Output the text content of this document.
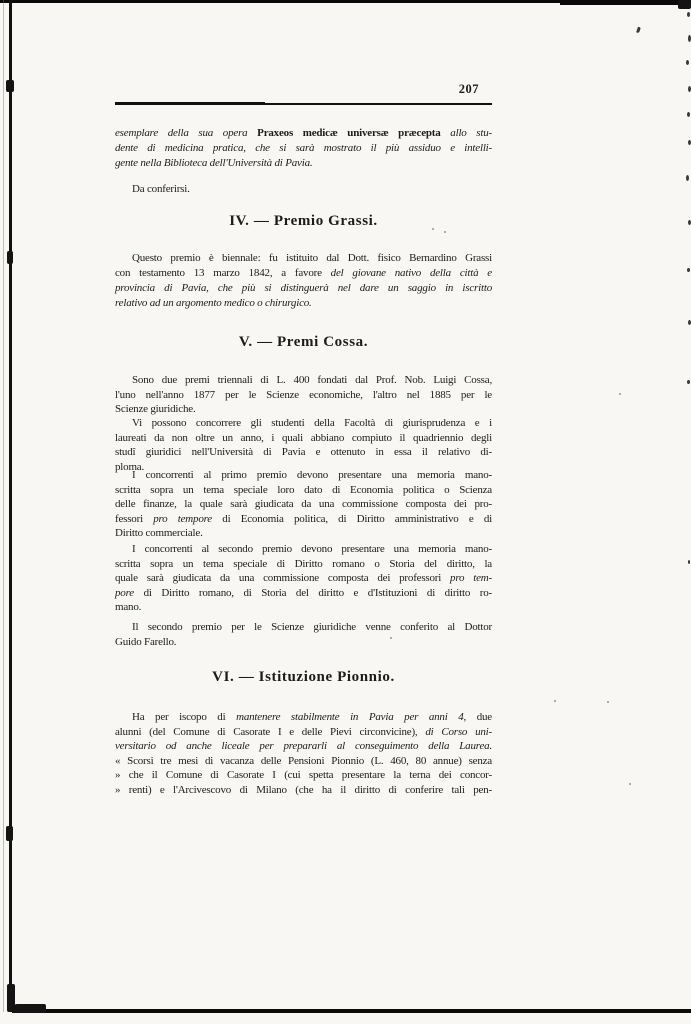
207
esemplare della sua opera Praxeos medicæ universæ præcepta allo stu-
dente di medicina pratica, che si sarà mostrato il più assiduo e intelli-
gente nella Biblioteca dell'Università di Pavia.
Da conferirsi.
IV. — Premio Grassi.
Questo premio è biennale: fu istituito dal Dott. fisico Bernardino Grassi
con testamento 13 marzo 1842, a favore del giovane nativo della città e
provincia di Pavia, che più si distinguerà nel dare un saggio in iscritto
relativo ad un argomento medico o chirurgico.
V. — Premi Cossa.
Sono due premi triennali di L. 400 fondati dal Prof. Nob. Luigi Cossa,
l'uno nell'anno 1877 per le Scienze economiche, l'altro nel 1885 per le
Scienze giuridiche.
Vi possono concorrere gli studenti della Facoltà di giurisprudenza e i
laureati da non oltre un anno, i quali abbiano compiuto il quadriennio degli
studî giuridici nell'Università di Pavia e ottenuto in essa il relativo di-
ploma.
I concorrenti al primo premio devono presentare una memoria mano-
scritta sopra un tema speciale loro dato di Economia politica o Scienza
delle finanze, la quale sarà giudicata da una commissione composta dei pro-
fessori pro tempore di Economia politica, di Diritto amministrativo e di
Diritto commerciale.
I concorrenti al secondo premio devono presentare una memoria mano-
scritta sopra un tema speciale di Diritto romano o Storia del diritto, la
quale sarà giudicata da una commissione composta dei professori pro tem-
pore di Diritto romano, di Storia del diritto e d'Istituzioni di diritto ro-
mano.
Il secondo premio per le Scienze giuridiche venne conferito al Dottor
Guido Farello.
VI. — Istituzione Pionnio.
Ha per iscopo di mantenere stabilmente in Pavia per anni 4, due
alunni (del Comune di Casorate I e delle Pievi circonvicine), di Corso uni-
versitario od anche liceale per prepararli al conseguimento della Laurea.
« Scorsi tre mesi di vacanza delle Pensioni Pionnio (L. 460, 80 annue) senza
» che il Comune di Casorate I (cui spetta presentare la terna dei concor-
» renti) e l'Arcivescovo di Milano (che ha il diritto di conferire tali pen-
